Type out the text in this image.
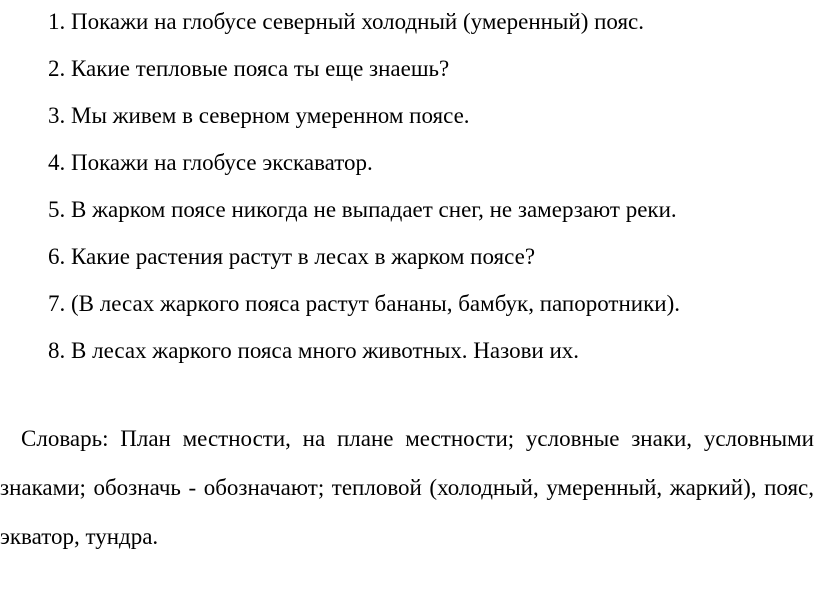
1. Покажи на глобусе северный холодный (умеренный) пояс.
2. Какие тепловые пояса ты еще знаешь?
3. Мы живем в северном умеренном поясе.
4. Покажи на глобусе экскаватор.
5. В жарком поясе никогда не выпадает снег, не замерзают реки.
6. Какие растения растут в лесах в жарком поясе?
7. (В лесах жаркого пояса растут бананы, бамбук, папоротники).
8. В лесах жаркого пояса много животных. Назови их.

Словарь: План местности, на плане местности; условные знаки, условными знаками; обозначь - обозначают; тепловой (холодный, умеренный, жаркий), пояс, экватор, тундра.
